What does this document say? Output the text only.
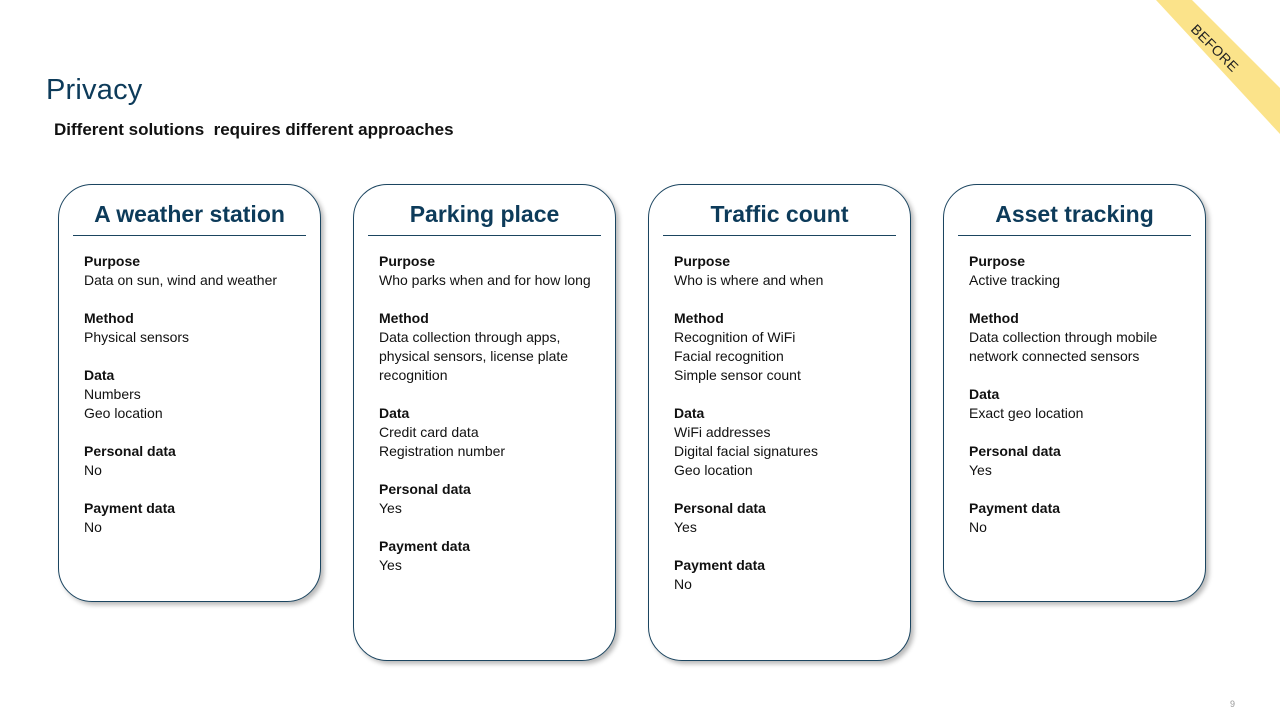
Privacy
Different solutions  requires different approaches
BEFORE
A weather station
Purpose
Data on sun, wind and weather
Method
Physical sensors
Data
Numbers
Geo location
Personal data
No
Payment data
No
Parking place
Purpose
Who parks when and for how long
Method
Data collection through apps,
physical sensors, license plate
recognition
Data
Credit card data
Registration number
Personal data
Yes
Payment data
Yes
Traffic count
Purpose
Who is where and when
Method
Recognition of WiFi
Facial recognition
Simple sensor count
Data
WiFi addresses
Digital facial signatures
Geo location
Personal data
Yes
Payment data
No
Asset tracking
Purpose
Active tracking
Method
Data collection through mobile
network connected sensors
Data
Exact geo location
Personal data
Yes
Payment data
No
9
